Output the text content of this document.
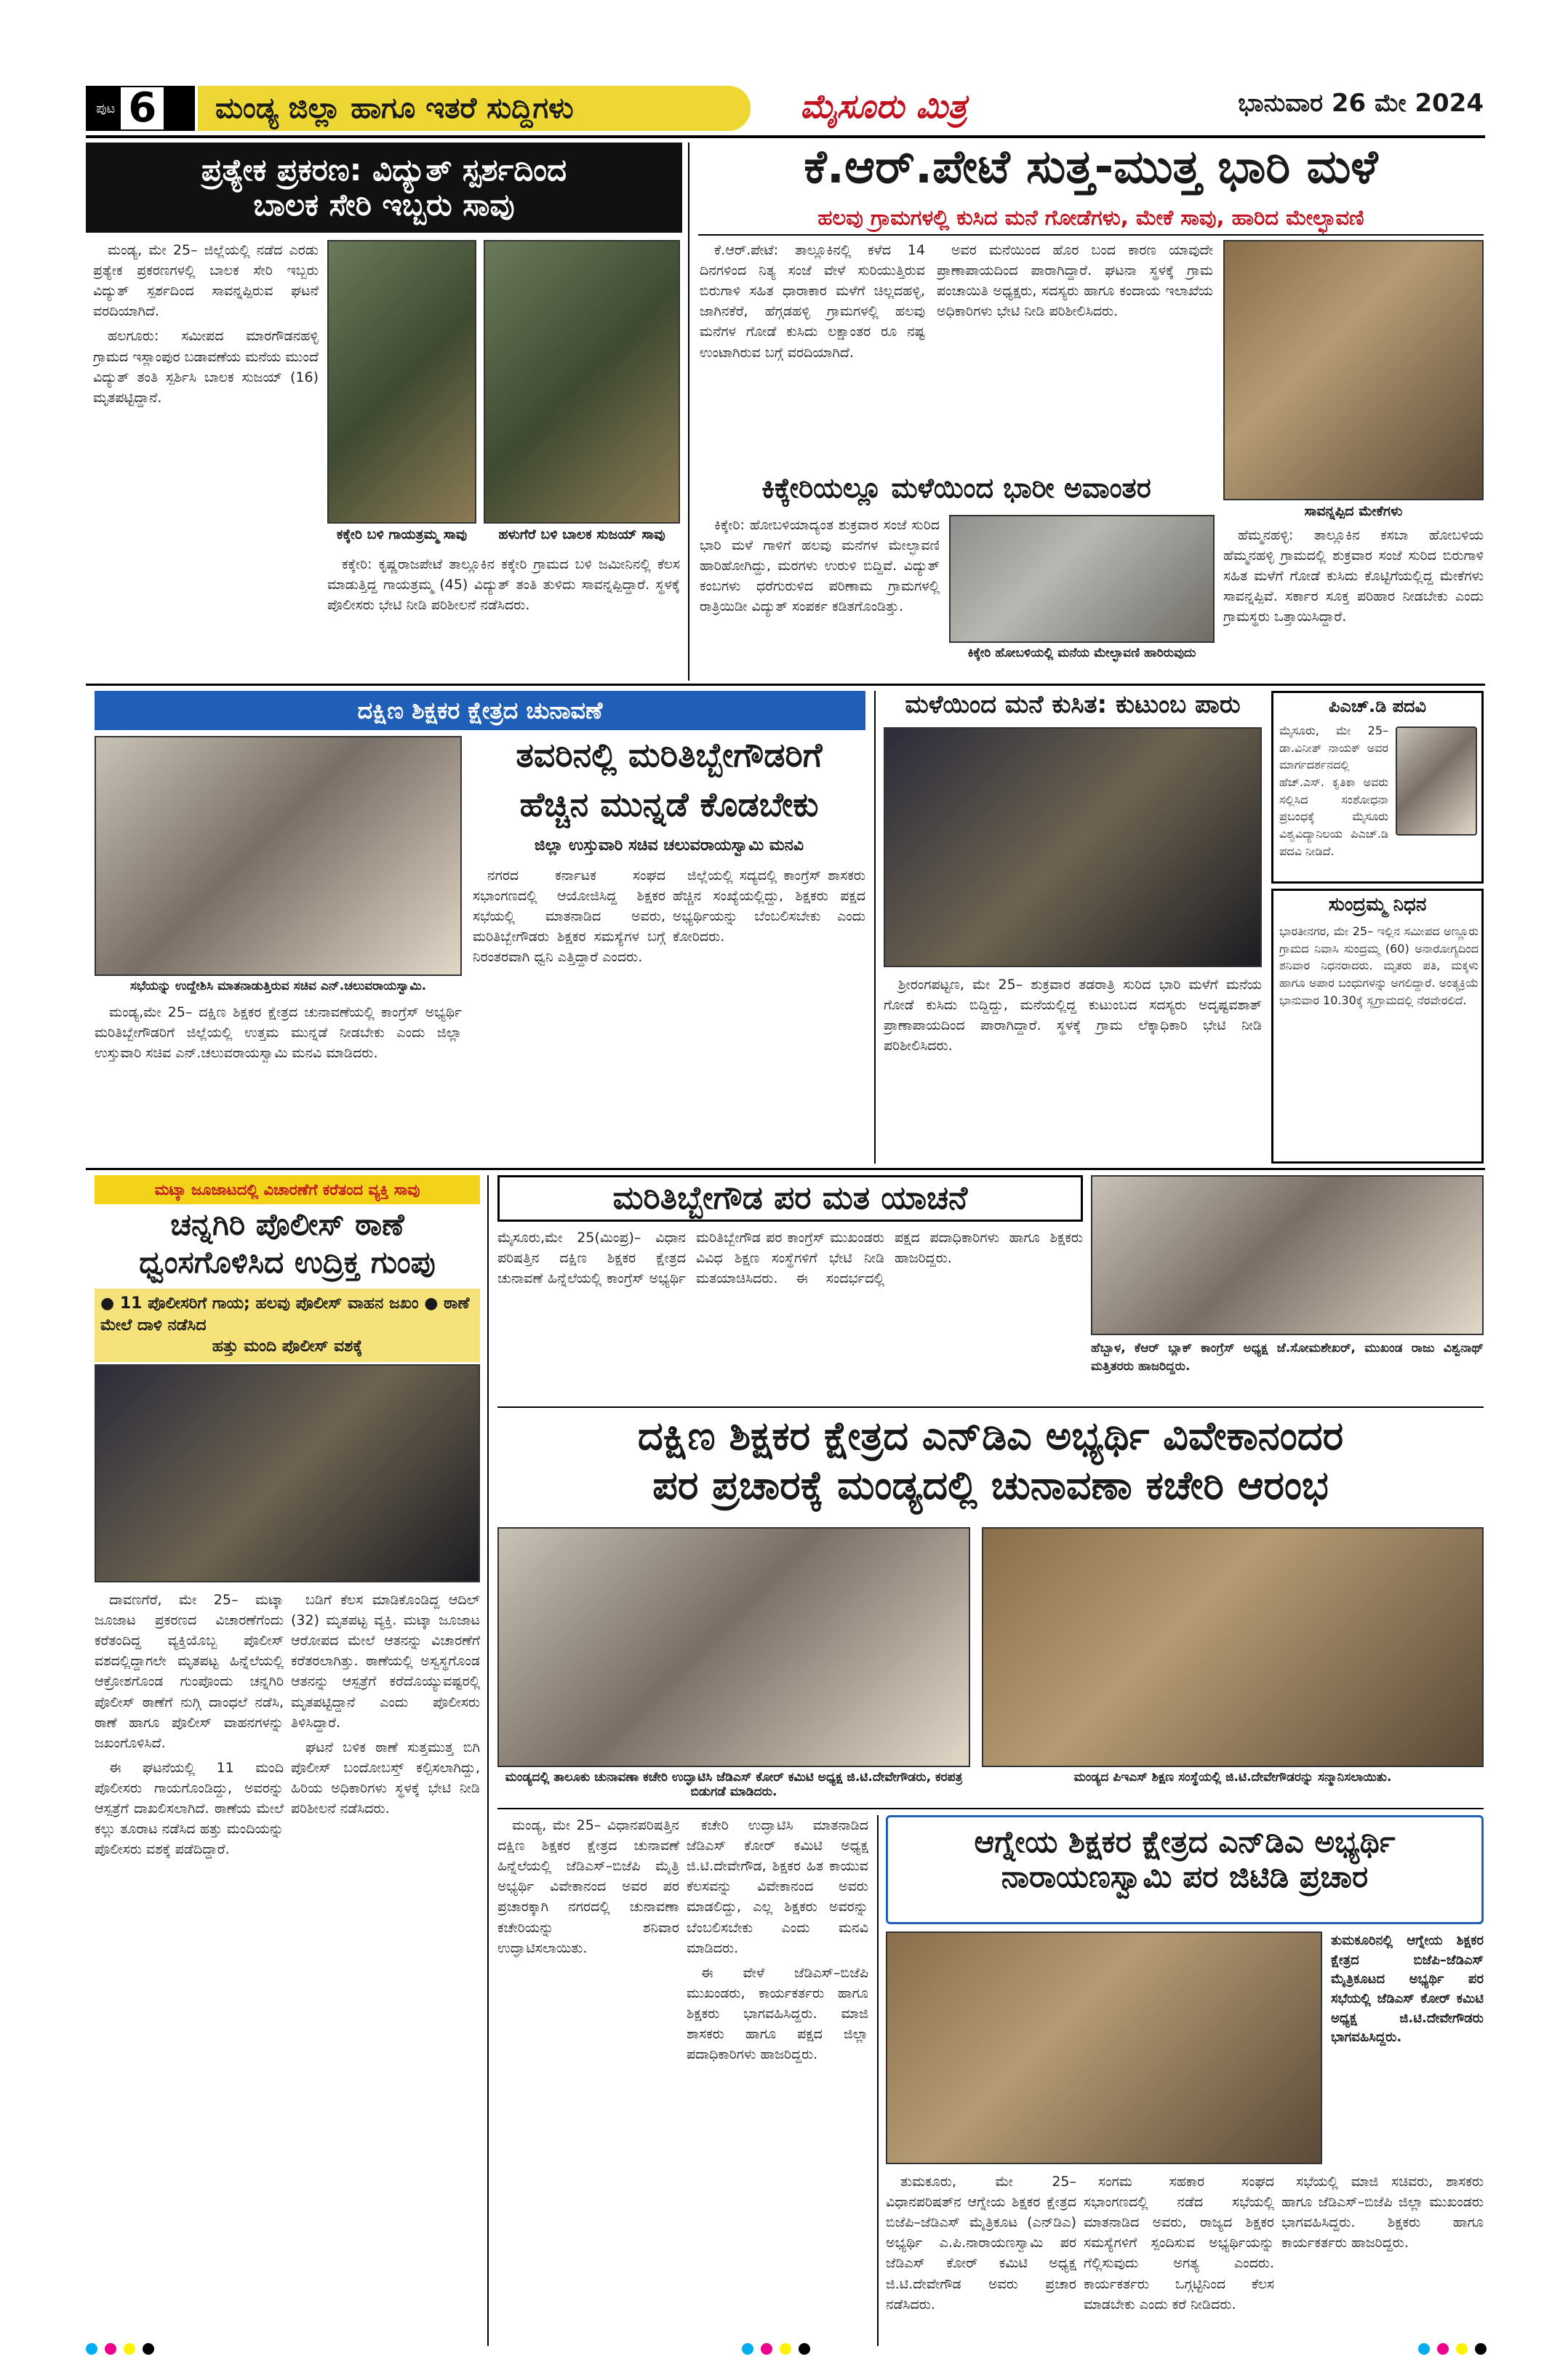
ಪುಟ 6	ಮಂಡ್ಯ ಜಿಲ್ಲಾ ಹಾಗೂ ಇತರೆ ಸುದ್ದಿಗಳು	ಮೈಸೂರು ಮಿತ್ರ	ಭಾನುವಾರ 26 ಮೇ 2024
ಪ್ರತ್ಯೇಕ ಪ್ರಕರಣ: ವಿದ್ಯುತ್ ಸ್ಪರ್ಶದಿಂದ
ಬಾಲಕ ಸೇರಿ ಇಬ್ಬರು ಸಾವು

ಮಂಡ್ಯ, ಮೇ 25– ಜಿಲ್ಲೆಯಲ್ಲಿ ನಡೆದ ಎರಡು ಪ್ರತ್ಯೇಕ ಪ್ರಕರಣಗಳಲ್ಲಿ ಬಾಲಕ ಸೇರಿ ಇಬ್ಬರು ವಿದ್ಯುತ್ ಸ್ಪರ್ಶದಿಂದ ಸಾವನ್ನಪ್ಪಿರುವ ಘಟನೆ ವರದಿಯಾಗಿದೆ.

ಹಲಗೂರು: ಸಮೀಪದ ಮಾರಗೌಡನಹಳ್ಳಿ ಗ್ರಾಮದ ಇಸ್ಲಾಂಪುರ ಬಡಾವಣೆಯ ಮನೆಯ ಮುಂದೆ ವಿದ್ಯುತ್ ತಂತಿ ಸ್ಪರ್ಶಿಸಿ ಬಾಲಕ ಸುಜಯ್ (16) ಮೃತಪಟ್ಟಿದ್ದಾನೆ.

ಕಕ್ಕೇರಿ ಬಳಿ ಗಾಯತ್ರಮ್ಮ ಸಾವು	ಹಳುಗೆರೆ ಬಳಿ ಬಾಲಕ ಸುಜಯ್ ಸಾವು

ಕಕ್ಕೇರಿ: ಕೃಷ್ಣರಾಜಪೇಟೆ ತಾಲ್ಲೂಕಿನ ಕಕ್ಕೇರಿ ಗ್ರಾಮದ ಬಳಿ ಜಮೀನಿನಲ್ಲಿ ಕೆಲಸ ಮಾಡುತ್ತಿದ್ದ ಗಾಯತ್ರಮ್ಮ (45) ವಿದ್ಯುತ್ ತಂತಿ ತುಳಿದು ಸಾವನ್ನಪ್ಪಿದ್ದಾರೆ. ಸ್ಥಳಕ್ಕೆ ಪೊಲೀಸರು ಭೇಟಿ ನೀಡಿ ಪರಿಶೀಲನೆ ನಡೆಸಿದರು.

ಕೆ.ಆರ್.ಪೇಟೆ ಸುತ್ತ-ಮುತ್ತ ಭಾರಿ ಮಳೆ
ಹಲವು ಗ್ರಾಮಗಳಲ್ಲಿ ಕುಸಿದ ಮನೆ ಗೋಡೆಗಳು, ಮೇಕೆ ಸಾವು, ಹಾರಿದ ಮೇಲ್ಛಾವಣಿ

ಕೆ.ಆರ್.ಪೇಟೆ: ತಾಲ್ಲೂಕಿನಲ್ಲಿ ಕಳೆದ 14 ದಿನಗಳಿಂದ ನಿತ್ಯ ಸಂಜೆ ವೇಳೆ ಸುರಿಯುತ್ತಿರುವ ಬಿರುಗಾಳಿ ಸಹಿತ ಧಾರಾಕಾರ ಮಳೆಗೆ ಚಿಲ್ಲದಹಳ್ಳಿ, ಜಾಗಿನಕೆರೆ, ಹೆಗ್ಗಡಹಳ್ಳಿ ಗ್ರಾಮಗಳಲ್ಲಿ ಹಲವು ಮನೆಗಳ ಗೋಡೆ ಕುಸಿದು ಲಕ್ಷಾಂತರ ರೂ ನಷ್ಟ ಉಂಟಾಗಿರುವ ಬಗ್ಗೆ ವರದಿಯಾಗಿದೆ.

ಅವರ ಮನೆಯಿಂದ ಹೊರ ಬಂದ ಕಾರಣ ಯಾವುದೇ ಪ್ರಾಣಾಪಾಯದಿಂದ ಪಾರಾಗಿದ್ದಾರೆ. ಘಟನಾ ಸ್ಥಳಕ್ಕೆ ಗ್ರಾಮ ಪಂಚಾಯಿತಿ ಅಧ್ಯಕ್ಷರು, ಸದಸ್ಯರು ಹಾಗೂ ಕಂದಾಯ ಇಲಾಖೆಯ ಅಧಿಕಾರಿಗಳು ಭೇಟಿ ನೀಡಿ ಪರಿಶೀಲಿಸಿದರು.

ಸಾವನ್ನಪ್ಪಿದ ಮೇಕೆಗಳು

ಹೆಮ್ಮನಹಳ್ಳಿ: ತಾಲ್ಲೂಕಿನ ಕಸಬಾ ಹೋಬಳಿಯ ಹೆಮ್ಮನಹಳ್ಳಿ ಗ್ರಾಮದಲ್ಲಿ ಶುಕ್ರವಾರ ಸಂಜೆ ಸುರಿದ ಬಿರುಗಾಳಿ ಸಹಿತ ಮಳೆಗೆ ಗೋಡೆ ಕುಸಿದು ಕೊಟ್ಟಿಗೆಯಲ್ಲಿದ್ದ ಮೇಕೆಗಳು ಸಾವನ್ನಪ್ಪಿವೆ. ಸರ್ಕಾರ ಸೂಕ್ತ ಪರಿಹಾರ ನೀಡಬೇಕು ಎಂದು ಗ್ರಾಮಸ್ಥರು ಒತ್ತಾಯಿಸಿದ್ದಾರೆ.

ಕಿಕ್ಕೇರಿಯಲ್ಲೂ ಮಳೆಯಿಂದ ಭಾರೀ ಅವಾಂತರ

ಕಿಕ್ಕೇರಿ: ಹೋಬಳಿಯಾದ್ಯಂತ ಶುಕ್ರವಾರ ಸಂಜೆ ಸುರಿದ ಭಾರಿ ಮಳೆ ಗಾಳಿಗೆ ಹಲವು ಮನೆಗಳ ಮೇಲ್ಛಾವಣಿ ಹಾರಿಹೋಗಿದ್ದು, ಮರಗಳು ಉರುಳಿ ಬಿದ್ದಿವೆ. ವಿದ್ಯುತ್ ಕಂಬಗಳು ಧರೆಗುರುಳಿದ ಪರಿಣಾಮ ಗ್ರಾಮಗಳಲ್ಲಿ ರಾತ್ರಿಯಿಡೀ ವಿದ್ಯುತ್ ಸಂಪರ್ಕ ಕಡಿತಗೊಂಡಿತ್ತು.

ಕಿಕ್ಕೇರಿ ಹೋಬಳಿಯಲ್ಲಿ ಮನೆಯ ಮೇಲ್ಛಾವಣಿ ಹಾರಿರುವುದು
ದಕ್ಷಿಣ ಶಿಕ್ಷಕರ ಕ್ಷೇತ್ರದ ಚುನಾವಣೆ
ಸಭೆಯನ್ನು ಉದ್ದೇಶಿಸಿ ಮಾತನಾಡುತ್ತಿರುವ ಸಚಿವ ಎನ್.ಚಲುವರಾಯಸ್ವಾಮಿ.
ತವರಿನಲ್ಲಿ ಮರಿತಿಬ್ಬೇಗೌಡರಿಗೆ
ಹೆಚ್ಚಿನ ಮುನ್ನಡೆ ಕೊಡಬೇಕು
ಜಿಲ್ಲಾ ಉಸ್ತುವಾರಿ ಸಚಿವ ಚಲುವರಾಯಸ್ವಾಮಿ ಮನವಿ

ನಗರದ ಕರ್ನಾಟಕ ಸಂಘದ ಸಭಾಂಗಣದಲ್ಲಿ ಆಯೋಜಿಸಿದ್ದ ಶಿಕ್ಷಕರ ಸಭೆಯಲ್ಲಿ ಮಾತನಾಡಿದ ಅವರು, ಮರಿತಿಬ್ಬೇಗೌಡರು ಶಿಕ್ಷಕರ ಸಮಸ್ಯೆಗಳ ಬಗ್ಗೆ ನಿರಂತರವಾಗಿ ಧ್ವನಿ ಎತ್ತಿದ್ದಾರೆ ಎಂದರು.

ಜಿಲ್ಲೆಯಲ್ಲಿ ಸದ್ಯದಲ್ಲಿ ಕಾಂಗ್ರೆಸ್ ಶಾಸಕರು ಹೆಚ್ಚಿನ ಸಂಖ್ಯೆಯಲ್ಲಿದ್ದು, ಶಿಕ್ಷಕರು ಪಕ್ಷದ ಅಭ್ಯರ್ಥಿಯನ್ನು ಬೆಂಬಲಿಸಬೇಕು ಎಂದು ಕೋರಿದರು.

ಮಂಡ್ಯ,ಮೇ 25– ದಕ್ಷಿಣ ಶಿಕ್ಷಕರ ಕ್ಷೇತ್ರದ ಚುನಾವಣೆಯಲ್ಲಿ ಕಾಂಗ್ರೆಸ್ ಅಭ್ಯರ್ಥಿ ಮರಿತಿಬ್ಬೇಗೌಡರಿಗೆ ಜಿಲ್ಲೆಯಲ್ಲಿ ಉತ್ತಮ ಮುನ್ನಡೆ ನೀಡಬೇಕು ಎಂದು ಜಿಲ್ಲಾ ಉಸ್ತುವಾರಿ ಸಚಿವ ಎನ್.ಚಲುವರಾಯಸ್ವಾಮಿ ಮನವಿ ಮಾಡಿದರು.

ಮಳೆಯಿಂದ ಮನೆ ಕುಸಿತ: ಕುಟುಂಬ ಪಾರು

ಶ್ರೀರಂಗಪಟ್ಟಣ, ಮೇ 25– ಶುಕ್ರವಾರ ತಡರಾತ್ರಿ ಸುರಿದ ಭಾರಿ ಮಳೆಗೆ ಮನೆಯ ಗೋಡೆ ಕುಸಿದು ಬಿದ್ದಿದ್ದು, ಮನೆಯಲ್ಲಿದ್ದ ಕುಟುಂಬದ ಸದಸ್ಯರು ಅದೃಷ್ಟವಶಾತ್ ಪ್ರಾಣಾಪಾಯದಿಂದ ಪಾರಾಗಿದ್ದಾರೆ. ಸ್ಥಳಕ್ಕೆ ಗ್ರಾಮ ಲೆಕ್ಕಾಧಿಕಾರಿ ಭೇಟಿ ನೀಡಿ ಪರಿಶೀಲಿಸಿದರು.

ಪಿಎಚ್.ಡಿ ಪದವಿ
ಮೈಸೂರು, ಮೇ 25– ಡಾ.ವಿನೀತ್ ನಾಯಕ್ ಅವರ ಮಾರ್ಗದರ್ಶನದಲ್ಲಿ ಹೆಚ್.ಎಸ್. ಕೃತಿಕಾ ಅವರು ಸಲ್ಲಿಸಿದ ಸಂಶೋಧನಾ ಪ್ರಬಂಧಕ್ಕೆ ಮೈಸೂರು ವಿಶ್ವವಿದ್ಯಾನಿಲಯ ಪಿಎಚ್.ಡಿ ಪದವಿ ನೀಡಿದೆ.
ಸುಂದ್ರಮ್ಮ ನಿಧನ
ಭಾರತೀನಗರ, ಮೇ 25– ಇಲ್ಲಿನ ಸಮೀಪದ ಅಣ್ಣೂರು ಗ್ರಾಮದ ನಿವಾಸಿ ಸುಂದ್ರಮ್ಮ (60) ಅನಾರೋಗ್ಯದಿಂದ ಶನಿವಾರ ನಿಧನರಾದರು. ಮೃತರು ಪತಿ, ಮಕ್ಕಳು ಹಾಗೂ ಅಪಾರ ಬಂಧುಗಳನ್ನು ಅಗಲಿದ್ದಾರೆ. ಅಂತ್ಯಕ್ರಿಯೆ ಭಾನುವಾರ 10.30ಕ್ಕೆ ಸ್ವಗ್ರಾಮದಲ್ಲಿ ನೆರವೇರಲಿದೆ.
ಮಟ್ಕಾ ಜೂಜಾಟದಲ್ಲಿ ವಿಚಾರಣೆಗೆ ಕರೆತಂದ ವ್ಯಕ್ತಿ ಸಾವು
ಚನ್ನಗಿರಿ ಪೊಲೀಸ್ ಠಾಣೆ
ಧ್ವಂಸಗೊಳಿಸಿದ ಉದ್ರಿಕ್ತ ಗುಂಪು
● 11 ಪೊಲೀಸರಿಗೆ ಗಾಯ; ಹಲವು ಪೊಲೀಸ್ ವಾಹನ ಜಖಂ ● ಠಾಣೆ ಮೇಲೆ ದಾಳಿ ನಡೆಸಿದ
ಹತ್ತು ಮಂದಿ ಪೊಲೀಸ್ ವಶಕ್ಕೆ

ದಾವಣಗೆರೆ, ಮೇ 25– ಮಟ್ಕಾ ಜೂಜಾಟ ಪ್ರಕರಣದ ವಿಚಾರಣೆಗೆಂದು ಕರೆತಂದಿದ್ದ ವ್ಯಕ್ತಿಯೊಬ್ಬ ಪೊಲೀಸ್ ವಶದಲ್ಲಿದ್ದಾಗಲೇ ಮೃತಪಟ್ಟ ಹಿನ್ನೆಲೆಯಲ್ಲಿ ಆಕ್ರೋಶಗೊಂಡ ಗುಂಪೊಂದು ಚನ್ನಗಿರಿ ಪೊಲೀಸ್ ಠಾಣೆಗೆ ನುಗ್ಗಿ ದಾಂಧಲೆ ನಡೆಸಿ, ಠಾಣೆ ಹಾಗೂ ಪೊಲೀಸ್ ವಾಹನಗಳನ್ನು ಜಖಂಗೊಳಿಸಿದೆ.

ಈ ಘಟನೆಯಲ್ಲಿ 11 ಮಂದಿ ಪೊಲೀಸರು ಗಾಯಗೊಂಡಿದ್ದು, ಅವರನ್ನು ಆಸ್ಪತ್ರೆಗೆ ದಾಖಲಿಸಲಾಗಿದೆ. ಠಾಣೆಯ ಮೇಲೆ ಕಲ್ಲು ತೂರಾಟ ನಡೆಸಿದ ಹತ್ತು ಮಂದಿಯನ್ನು ಪೊಲೀಸರು ವಶಕ್ಕೆ ಪಡೆದಿದ್ದಾರೆ.

ಬಡಿಗೆ ಕೆಲಸ ಮಾಡಿಕೊಂಡಿದ್ದ ಆದಿಲ್ (32) ಮೃತಪಟ್ಟ ವ್ಯಕ್ತಿ. ಮಟ್ಕಾ ಜೂಜಾಟ ಆರೋಪದ ಮೇಲೆ ಆತನನ್ನು ವಿಚಾರಣೆಗೆ ಕರೆತರಲಾಗಿತ್ತು. ಠಾಣೆಯಲ್ಲಿ ಅಸ್ವಸ್ಥಗೊಂಡ ಆತನನ್ನು ಆಸ್ಪತ್ರೆಗೆ ಕರೆದೊಯ್ಯುವಷ್ಟರಲ್ಲಿ ಮೃತಪಟ್ಟಿದ್ದಾನೆ ಎಂದು ಪೊಲೀಸರು ತಿಳಿಸಿದ್ದಾರೆ.

ಘಟನೆ ಬಳಿಕ ಠಾಣೆ ಸುತ್ತಮುತ್ತ ಬಿಗಿ ಪೊಲೀಸ್ ಬಂದೋಬಸ್ತ್ ಕಲ್ಪಿಸಲಾಗಿದ್ದು, ಹಿರಿಯ ಅಧಿಕಾರಿಗಳು ಸ್ಥಳಕ್ಕೆ ಭೇಟಿ ನೀಡಿ ಪರಿಶೀಲನೆ ನಡೆಸಿದರು.

ಮರಿತಿಬ್ಬೇಗೌಡ ಪರ ಮತ ಯಾಚನೆ
ಮೈಸೂರು,ಮೇ 25(ಮಿಂಪ್ರ)– ವಿಧಾನ ಪರಿಷತ್ತಿನ ದಕ್ಷಿಣ ಶಿಕ್ಷಕರ ಕ್ಷೇತ್ರದ ಚುನಾವಣೆ ಹಿನ್ನೆಲೆಯಲ್ಲಿ ಕಾಂಗ್ರೆಸ್ ಅಭ್ಯರ್ಥಿ ಮರಿತಿಬ್ಬೇಗೌಡ ಪರ ಕಾಂಗ್ರೆಸ್ ಮುಖಂಡರು ವಿವಿಧ ಶಿಕ್ಷಣ ಸಂಸ್ಥೆಗಳಿಗೆ ಭೇಟಿ ನೀಡಿ ಮತಯಾಚಿಸಿದರು. ಈ ಸಂದರ್ಭದಲ್ಲಿ ಪಕ್ಷದ ಪದಾಧಿಕಾರಿಗಳು ಹಾಗೂ ಶಿಕ್ಷಕರು ಹಾಜರಿದ್ದರು.
ಹೆಬ್ಬಾಳ, ಕೆಆರ್ ಬ್ಲಾಕ್ ಕಾಂಗ್ರೆಸ್ ಅಧ್ಯಕ್ಷ ಜೆ.ಸೋಮಶೇಖರ್, ಮುಖಂಡ ರಾಜು ವಿಶ್ವನಾಥ್ ಮತ್ತಿತರರು ಹಾಜರಿದ್ದರು.
ದಕ್ಷಿಣ ಶಿಕ್ಷಕರ ಕ್ಷೇತ್ರದ ಎನ್‌ಡಿಎ ಅಭ್ಯರ್ಥಿ ವಿವೇಕಾನಂದರ
ಪರ ಪ್ರಚಾರಕ್ಕೆ ಮಂಡ್ಯದಲ್ಲಿ ಚುನಾವಣಾ ಕಚೇರಿ ಆರಂಭ
ಮಂಡ್ಯದಲ್ಲಿ ತಾಲೂಕು ಚುನಾವಣಾ ಕಚೇರಿ ಉದ್ಘಾಟಿಸಿ ಜೆಡಿಎಸ್ ಕೋರ್ ಕಮಿಟಿ ಅಧ್ಯಕ್ಷ ಜಿ.ಟಿ.ದೇವೇಗೌಡರು, ಕರಪತ್ರ ಬಿಡುಗಡೆ ಮಾಡಿದರು.
ಮಂಡ್ಯದ ಪಿಇಎಸ್ ಶಿಕ್ಷಣ ಸಂಸ್ಥೆಯಲ್ಲಿ ಜಿ.ಟಿ.ದೇವೇಗೌಡರನ್ನು ಸನ್ಮಾನಿಸಲಾಯಿತು.

ಮಂಡ್ಯ, ಮೇ 25– ವಿಧಾನಪರಿಷತ್ತಿನ ದಕ್ಷಿಣ ಶಿಕ್ಷಕರ ಕ್ಷೇತ್ರದ ಚುನಾವಣೆ ಹಿನ್ನೆಲೆಯಲ್ಲಿ ಜೆಡಿಎಸ್–ಬಿಜೆಪಿ ಮೈತ್ರಿ ಅಭ್ಯರ್ಥಿ ವಿವೇಕಾನಂದ ಅವರ ಪರ ಪ್ರಚಾರಕ್ಕಾಗಿ ನಗರದಲ್ಲಿ ಚುನಾವಣಾ ಕಚೇರಿಯನ್ನು ಶನಿವಾರ ಉದ್ಘಾಟಿಸಲಾಯಿತು.

ಕಚೇರಿ ಉದ್ಘಾಟಿಸಿ ಮಾತನಾಡಿದ ಜೆಡಿಎಸ್ ಕೋರ್ ಕಮಿಟಿ ಅಧ್ಯಕ್ಷ ಜಿ.ಟಿ.ದೇವೇಗೌಡ, ಶಿಕ್ಷಕರ ಹಿತ ಕಾಯುವ ಕೆಲಸವನ್ನು ವಿವೇಕಾನಂದ ಅವರು ಮಾಡಲಿದ್ದು, ಎಲ್ಲ ಶಿಕ್ಷಕರು ಅವರನ್ನು ಬೆಂಬಲಿಸಬೇಕು ಎಂದು ಮನವಿ ಮಾಡಿದರು.

ಈ ವೇಳೆ ಜೆಡಿಎಸ್–ಬಿಜೆಪಿ ಮುಖಂಡರು, ಕಾರ್ಯಕರ್ತರು ಹಾಗೂ ಶಿಕ್ಷಕರು ಭಾಗವಹಿಸಿದ್ದರು. ಮಾಜಿ ಶಾಸಕರು ಹಾಗೂ ಪಕ್ಷದ ಜಿಲ್ಲಾ ಪದಾಧಿಕಾರಿಗಳು ಹಾಜರಿದ್ದರು.

ಆಗ್ನೇಯ ಶಿಕ್ಷಕರ ಕ್ಷೇತ್ರದ ಎನ್‌ಡಿಎ ಅಭ್ಯರ್ಥಿ
ನಾರಾಯಣಸ್ವಾಮಿ ಪರ ಜಿಟಿಡಿ ಪ್ರಚಾರ
ತುಮಕೂರಿನಲ್ಲಿ ಆಗ್ನೇಯ ಶಿಕ್ಷಕರ ಕ್ಷೇತ್ರದ ಬಿಜೆಪಿ–ಜೆಡಿಎಸ್ ಮೈತ್ರಿಕೂಟದ ಅಭ್ಯರ್ಥಿ ಪರ ಸಭೆಯಲ್ಲಿ ಜೆಡಿಎಸ್ ಕೋರ್ ಕಮಿಟಿ ಅಧ್ಯಕ್ಷ ಜಿ.ಟಿ.ದೇವೇಗೌಡರು ಭಾಗವಹಿಸಿದ್ದರು.

ತುಮಕೂರು, ಮೇ 25– ವಿಧಾನಪರಿಷತ್‌ನ ಆಗ್ನೇಯ ಶಿಕ್ಷಕರ ಕ್ಷೇತ್ರದ ಬಿಜೆಪಿ–ಜೆಡಿಎಸ್ ಮೈತ್ರಿಕೂಟ (ಎನ್‌ಡಿಎ) ಅಭ್ಯರ್ಥಿ ಎ.ಪಿ.ನಾರಾಯಣಸ್ವಾಮಿ ಪರ ಜೆಡಿಎಸ್ ಕೋರ್ ಕಮಿಟಿ ಅಧ್ಯಕ್ಷ ಜಿ.ಟಿ.ದೇವೇಗೌಡ ಅವರು ಪ್ರಚಾರ ನಡೆಸಿದರು.

ಸಂಗಮ ಸಹಕಾರ ಸಂಘದ ಸಭಾಂಗಣದಲ್ಲಿ ನಡೆದ ಸಭೆಯಲ್ಲಿ ಮಾತನಾಡಿದ ಅವರು, ರಾಜ್ಯದ ಶಿಕ್ಷಕರ ಸಮಸ್ಯೆಗಳಿಗೆ ಸ್ಪಂದಿಸುವ ಅಭ್ಯರ್ಥಿಯನ್ನು ಗೆಲ್ಲಿಸುವುದು ಅಗತ್ಯ ಎಂದರು. ಕಾರ್ಯಕರ್ತರು ಒಗ್ಗಟ್ಟಿನಿಂದ ಕೆಲಸ ಮಾಡಬೇಕು ಎಂದು ಕರೆ ನೀಡಿದರು.

ಸಭೆಯಲ್ಲಿ ಮಾಜಿ ಸಚಿವರು, ಶಾಸಕರು ಹಾಗೂ ಜೆಡಿಎಸ್–ಬಿಜೆಪಿ ಜಿಲ್ಲಾ ಮುಖಂಡರು ಭಾಗವಹಿಸಿದ್ದರು. ಶಿಕ್ಷಕರು ಹಾಗೂ ಕಾರ್ಯಕರ್ತರು ಹಾಜರಿದ್ದರು.
